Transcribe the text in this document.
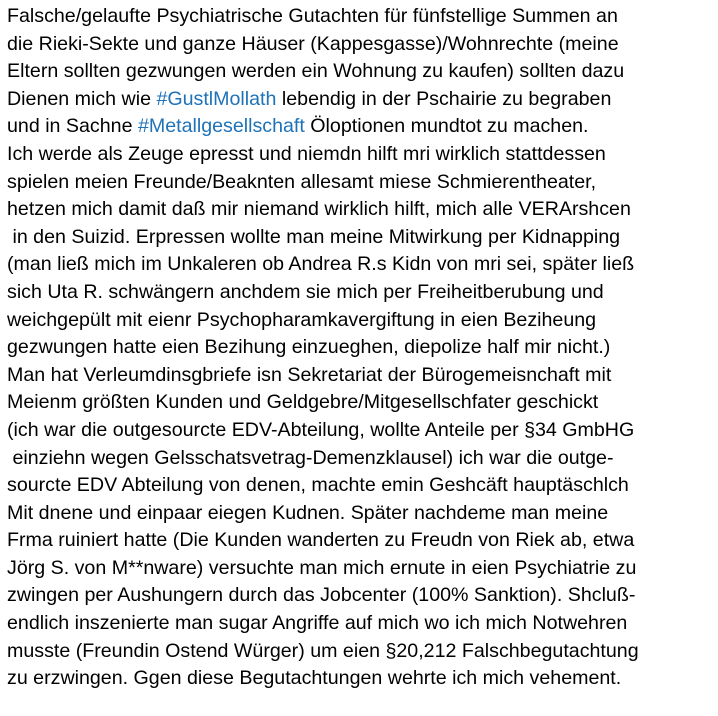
Falsche/gelaufte Psychiatrische Gutachten für fünfstellige Summen an
die Rieki-Sekte und ganze Häuser (Kappesgasse)/Wohnrechte (meine
Eltern sollten gezwungen werden ein Wohnung zu kaufen) sollten dazu
Dienen mich wie #GustlMollath lebendig in der Pschairie zu begraben
und in Sachne #Metallgesellschaft Öloptionen mundtot zu machen.
Ich werde als Zeuge epresst und niemdn hilft mri wirklich stattdessen
spielen meien Freunde/Beaknten allesamt miese Schmierentheater,
hetzen mich damit daß mir niemand wirklich hilft, mich alle VERArshcen
in den Suizid. Erpressen wollte man meine Mitwirkung per Kidnapping
(man ließ mich im Unkaleren ob Andrea R.s Kidn von mri sei, später ließ
sich Uta R. schwängern anchdem sie mich per Freiheitberubung und
weichgepült mit eienr Psychopharamkavergiftung in eien Beziheung
gezwungen hatte eien Bezihung einzueghen, diepolize half mir nicht.)
Man hat Verleumdinsgbriefe isn Sekretariat der Bürogemeisnchaft mit
Meienm größten Kunden und Geldgebre/Mitgesellschfater geschickt
(ich war die outgesourcte EDV-Abteilung, wollte Anteile per §34 GmbHG
einziehn wegen Gelsschatsvetrag-Demenzklausel) ich war die outge-
sourcte EDV Abteilung von denen, machte emin Geshcäft hauptäschlch
Mit dnene und einpaar eiegen Kudnen. Später nachdeme man meine
Frma ruiniert hatte (Die Kunden wanderten zu Freudn von Riek ab, etwa
Jörg S. von M**nware) versuchte man mich ernute in eien Psychiatrie zu
zwingen per Aushungern durch das Jobcenter (100% Sanktion). Shcluß-
endlich inszenierte man sugar Angriffe auf mich wo ich mich Notwehren
musste (Freundin Ostend Würger) um eien §20,212 Falschbegutachtung
zu erzwingen. Ggen diese Begutachtungen wehrte ich mich vehement.
